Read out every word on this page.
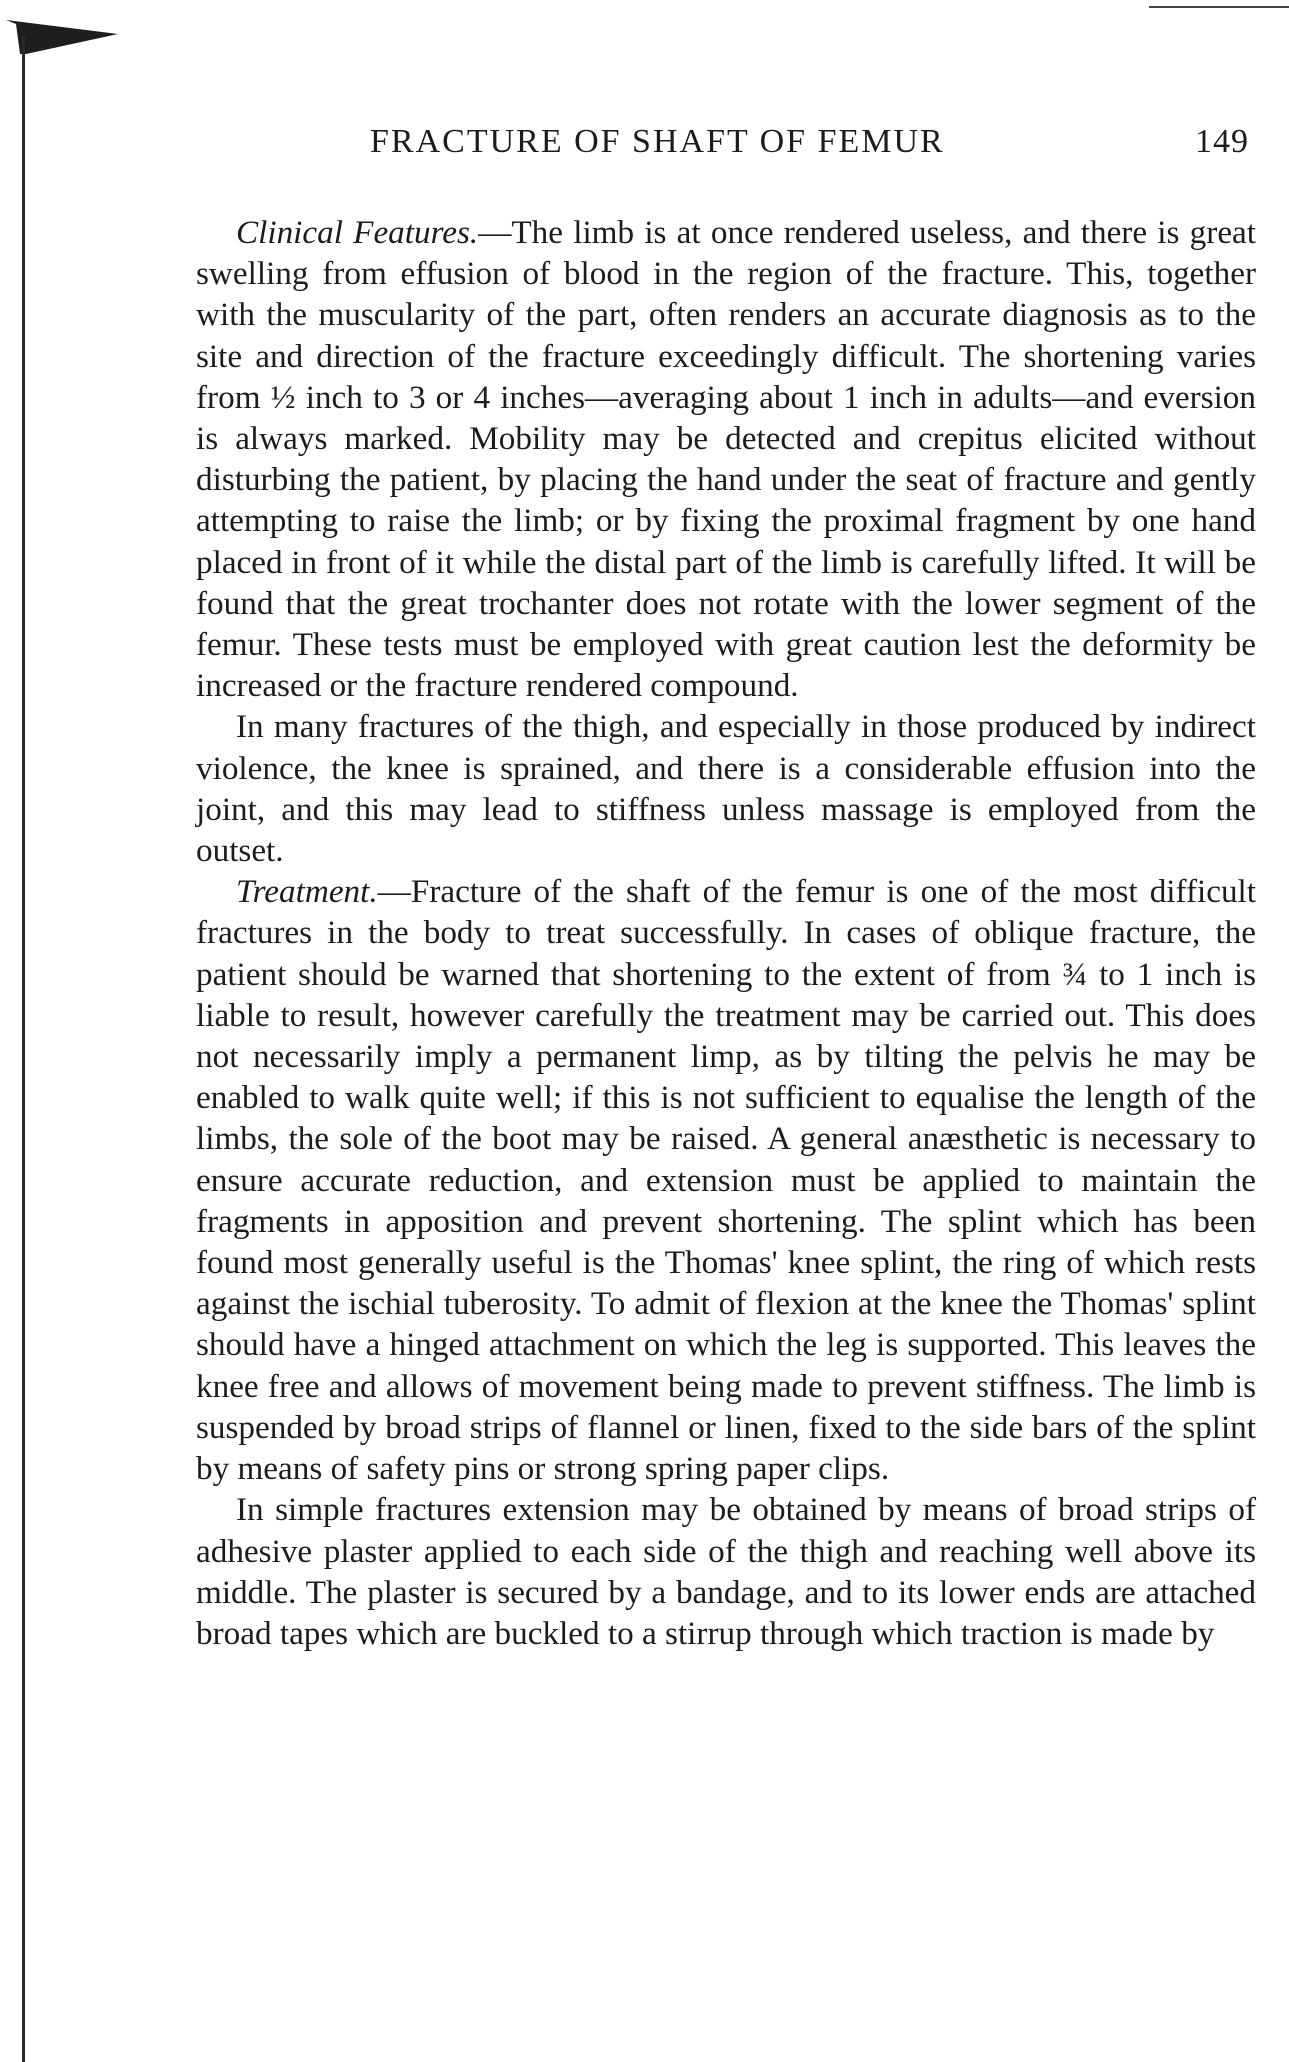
FRACTURE OF SHAFT OF FEMUR	149

Clinical Features.—The limb is at once rendered useless, and there is great swelling from effusion of blood in the region of the fracture. This, together with the muscularity of the part, often renders an accurate diagnosis as to the site and direction of the fracture exceedingly difficult. The shortening varies from ½ inch to 3 or 4 inches—averaging about 1 inch in adults—and eversion is always marked. Mobility may be detected and crepitus elicited without disturbing the patient, by placing the hand under the seat of fracture and gently attempting to raise the limb; or by fixing the proximal fragment by one hand placed in front of it while the distal part of the limb is carefully lifted. It will be found that the great trochanter does not rotate with the lower segment of the femur. These tests must be employed with great caution lest the deformity be increased or the fracture rendered compound.

In many fractures of the thigh, and especially in those produced by indirect violence, the knee is sprained, and there is a considerable effusion into the joint, and this may lead to stiffness unless massage is employed from the outset.

Treatment.—Fracture of the shaft of the femur is one of the most difficult fractures in the body to treat successfully. In cases of oblique fracture, the patient should be warned that shortening to the extent of from ¾ to 1 inch is liable to result, however carefully the treatment may be carried out. This does not necessarily imply a permanent limp, as by tilting the pelvis he may be enabled to walk quite well; if this is not sufficient to equalise the length of the limbs, the sole of the boot may be raised. A general anæsthetic is necessary to ensure accurate reduction, and extension must be applied to maintain the fragments in apposition and prevent shortening. The splint which has been found most generally useful is the Thomas' knee splint, the ring of which rests against the ischial tuberosity. To admit of flexion at the knee the Thomas' splint should have a hinged attachment on which the leg is supported. This leaves the knee free and allows of movement being made to prevent stiffness. The limb is suspended by broad strips of flannel or linen, fixed to the side bars of the splint by means of safety pins or strong spring paper clips.

In simple fractures extension may be obtained by means of broad strips of adhesive plaster applied to each side of the thigh and reaching well above its middle. The plaster is secured by a bandage, and to its lower ends are attached broad tapes which are buckled to a stirrup through which traction is made by
